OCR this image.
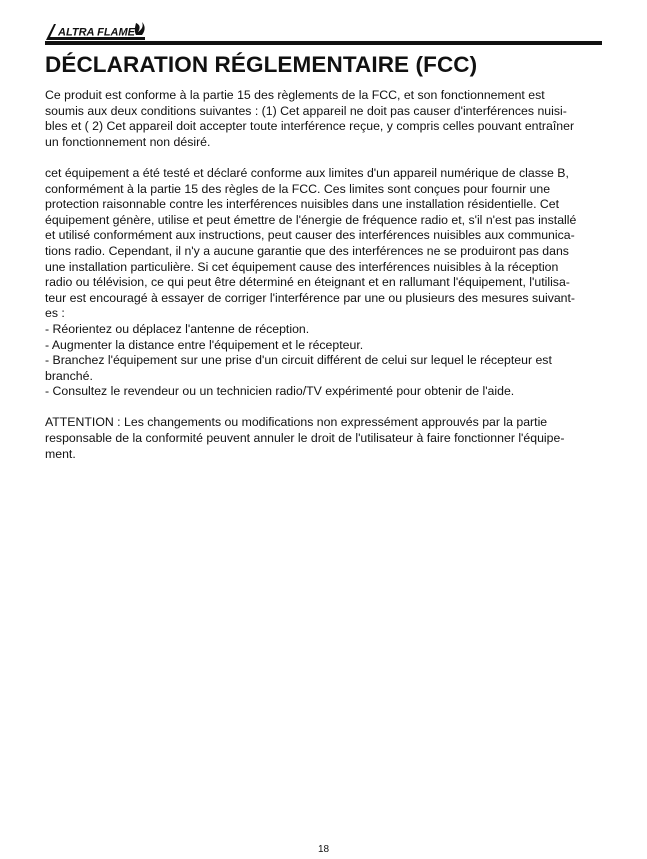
ALTRA FLAME
DÉCLARATION RÉGLEMENTAIRE (FCC)

Ce produit est conforme à la partie 15 des règlements de la FCC, et son fonctionnement est

soumis aux deux conditions suivantes : (1) Cet appareil ne doit pas causer d'interférences nuisi-

bles et ( 2) Cet appareil doit accepter toute interférence reçue, y compris celles pouvant entraîner

un fonctionnement non désiré.

cet équipement a été testé et déclaré conforme aux limites d'un appareil numérique de classe B,

conformément à la partie 15 des règles de la FCC. Ces limites sont conçues pour fournir une

protection raisonnable contre les interférences nuisibles dans une installation résidentielle. Cet

équipement génère, utilise et peut émettre de l'énergie de fréquence radio et, s'il n'est pas installé

et utilisé conformément aux instructions, peut causer des interférences nuisibles aux communica-

tions radio. Cependant, il n'y a aucune garantie que des interférences ne se produiront pas dans

une installation particulière. Si cet équipement cause des interférences nuisibles à la réception

radio ou télévision, ce qui peut être déterminé en éteignant et en rallumant l'équipement, l'utilisa-

teur est encouragé à essayer de corriger l'interférence par une ou plusieurs des mesures suivant-

es :

- Réorientez ou déplacez l'antenne de réception.

- Augmenter la distance entre l'équipement et le récepteur.

- Branchez l'équipement sur une prise d'un circuit différent de celui sur lequel le récepteur est

branché.

- Consultez le revendeur ou un technicien radio/TV expérimenté pour obtenir de l'aide.

ATTENTION : Les changements ou modifications non expressément approuvés par la partie

responsable de la conformité peuvent annuler le droit de l'utilisateur à faire fonctionner l'équipe-

ment.

18
